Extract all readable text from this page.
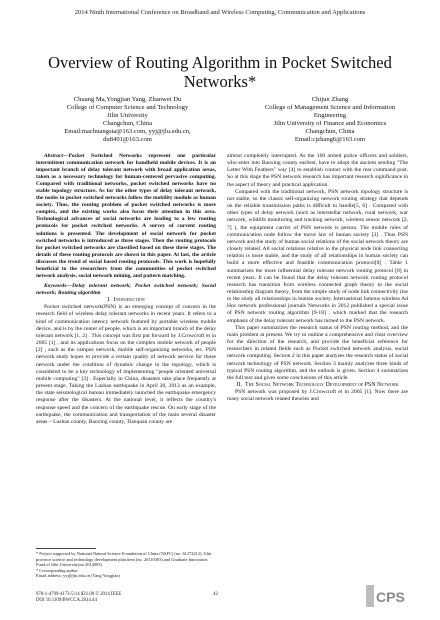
2014 Ninth International Conference on Broadband and Wireless Computing, Communication and Applications
Overview of Routing Algorithm in Pocket Switched Networks*
Chuang Ma,Yongjian Yang, Zhanwei Du
College of Computer Science and Technology
Jilin University
Changchun, China
Email:machuangsta@163.com, yyj@jlu.edu.cn,
du8491@163.com
Chijun Zhang
College of Management Science and Information
Engineering
Jilin University of Finance and Economics
Changchun, China
Email:cjzhang6@163.com

Abstract—Pocket Switched Networks represent one particular intermittent communication network for handheld mobile devices. It is an important branch of delay tolerant network with broad application areas, taken as a necessary technology for human-centered pervasive computing. Compared with traditional networks, pocket switched networks have no stable topology structure. As for the other types of delay tolerant network, the nodes in pocket switched networks follow the mobility module as human society. Thus, the routing problem of pocket switched networks is more complex, and the existing works also focus their attention in this area. Technological advances of social networks are leading to a few routing protocols for pocket switched networks. A survey of current routing solutions is presented. The development of social network for pocket switched networks is introduced as three stages. Then the routing protocols for pocket switched networks are classified based on these three stages. The details of these routing protocols are shown in this paper. At last, the article discusses the trend of social based routing protocols. This work is hopefully beneficial to the researchers from the communities of pocket switched network analysis, social network mining, and pattern matching.

Keywords—Delay tolerant network; Pocket switched network; Social network; Routing algorithm

I. Introduction

Pocket switched network(PSN) is an emerging concept of concern in the research field of wireless delay tolerant networks in recent years. It refers to a kind of communication latency network featured by portable wireless mobile device, and is by the center of people, which is an important branch of the delay tolerant network [1, 2] . This concept was first put forward by J.Crowcroft et in 2005 [1] , and its applications focus on the complex mobile network of people [2] , such as the campus network, mobile self-organizing networks, etc. PSN network study hopes to provide a certain quality of network service for those network under the condition of dynamic change in the topology, which is considered to be a key technology of implementing "people oriented universal mobile computing" [3] . Especially in China, disasters take place frequently at present stage. Taking the Lushan earthquake in April 20, 2013 as an example, the state seismological bureau immediately launched the earthquake emergency response after the disasters. At the national level, it reflects the country's response speed and the concern of the earthquake rescue. On early stage of the earthquake, the communication and transportation of the main several disaster areas – Lushan county, Baoxing county, Tianquan county are

almost completely interrupted. As the 160 armed police officers and soldiers, who enter into Baoxing county earliest, have to adopt the ancient sending "The Letter With Feathers" way [4] to establish contact with the rear command post. So at this stage the PSN network research has important research significance in the aspect of theory and practical application.

Compared with the traditional network, PSN network topology structure is not stable, so the classic self-organizing network routing strategy that depends on the reliable transmission paths is difficult to handle[5, 6] . Compared with other types of delay network (such as interstellar network, rural network, war network, wildlife monitoring and tracking network, wireless sensor network [2, 7] ), the equipment carrier of PSN network is person. The mobile rules of communication node follow the move law of human society [3] . Thus PSN network and the study of human social relations of the social network theory are closely related. All social relations relative to the physical node link connecting relation is more stable, and the study of all relationships in human society can build a more effective and feasible communication protocol[8] . Table 1 summarizes the more influential delay tolerant network routing protocol [8] in recent years. It can be found that the delay tolerant network routing protocol research has transition from wireless connected graph theory to the social relationship diagram theory, from the simple study of node link connectivity rise to the study all relationships in human society. International famous wireless Ad Hoc network professional journals Networks in 2012 published a special issue of PSN network routing algorithm [9-18] , which marked that the research emphasis of the delay tolerant network has turned to the PSN network.

This paper summarizes the research status of PSN routing method, and the main problem at present. We try to outline a comprehensive and clear overview for the direction of the research, and provide the beneficial reference for researchers in related fields such as Pocket switched network analysis, social network computing. Section 2 in this paper analyses the research status of social network technology of PSN network. Section 3 mainly analyzes three kinds of typical PSN routing algorithm, and the outlook is given. Section 4 summarizes the full text and gives some conclusions of this article.

II. The Social Network Technology Development of PSN Network

PSN network was proposed by J.Crowcroft et in 2005 [1]. Now there are many social network related theories and

* Project supported by National Natural Science Foundation of China (NSFC) (no. 61272412), Jilin province science and technology development plan item (no. 20110303),and Graduate Innovation Fund of Jilin University(no.2014095).
* Corresponding author.
Email address: yyj@jlu.edu.cn (Yang Yongjian)
978-1-4799-4173-5/14 $31.00 © 2014 IEEE
DOI 10.1109/BWCCA.2014.44
42	CPS
